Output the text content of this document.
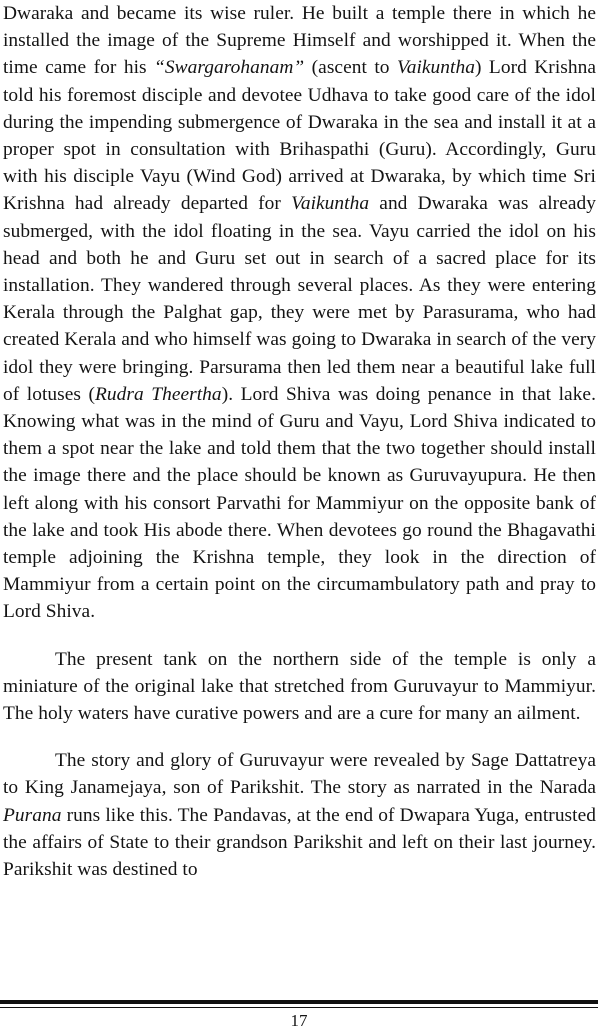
Dwaraka and became its wise ruler. He built a temple there in which he installed the image of the Supreme Himself and worshipped it. When the time came for his “Swargarohanam” (ascent to Vaikuntha) Lord Krishna told his foremost disciple and devotee Udhava to take good care of the idol during the impending submergence of Dwaraka in the sea and install it at a proper spot in consultation with Brihaspathi (Guru). Accordingly, Guru with his disciple Vayu (Wind God) arrived at Dwaraka, by which time Sri Krishna had already departed for Vaikuntha and Dwaraka was already submerged, with the idol floating in the sea. Vayu carried the idol on his head and both he and Guru set out in search of a sacred place for its installation. They wandered through several places. As they were entering Kerala through the Palghat gap, they were met by Parasurama, who had created Kerala and who himself was going to Dwaraka in search of the very idol they were bringing. Parsurama then led them near a beautiful lake full of lotuses (Rudra Theertha). Lord Shiva was doing penance in that lake. Knowing what was in the mind of Guru and Vayu, Lord Shiva indicated to them a spot near the lake and told them that the two together should install the image there and the place should be known as Guruvayupura. He then left along with his consort Parvathi for Mammiyur on the opposite bank of the lake and took His abode there. When devotees go round the Bhagavathi temple adjoining the Krishna temple, they look in the direction of Mammiyur from a certain point on the circumambulatory path and pray to Lord Shiva.

The present tank on the northern side of the temple is only a miniature of the original lake that stretched from Guruvayur to Mammiyur. The holy waters have curative powers and are a cure for many an ailment.

The story and glory of Guruvayur were revealed by Sage Dattatreya to King Janamejaya, son of Parikshit. The story as narrated in the Narada Purana runs like this. The Pandavas, at the end of Dwapara Yuga, entrusted the affairs of State to their grandson Parikshit and left on their last journey. Parikshit was destined to

17
